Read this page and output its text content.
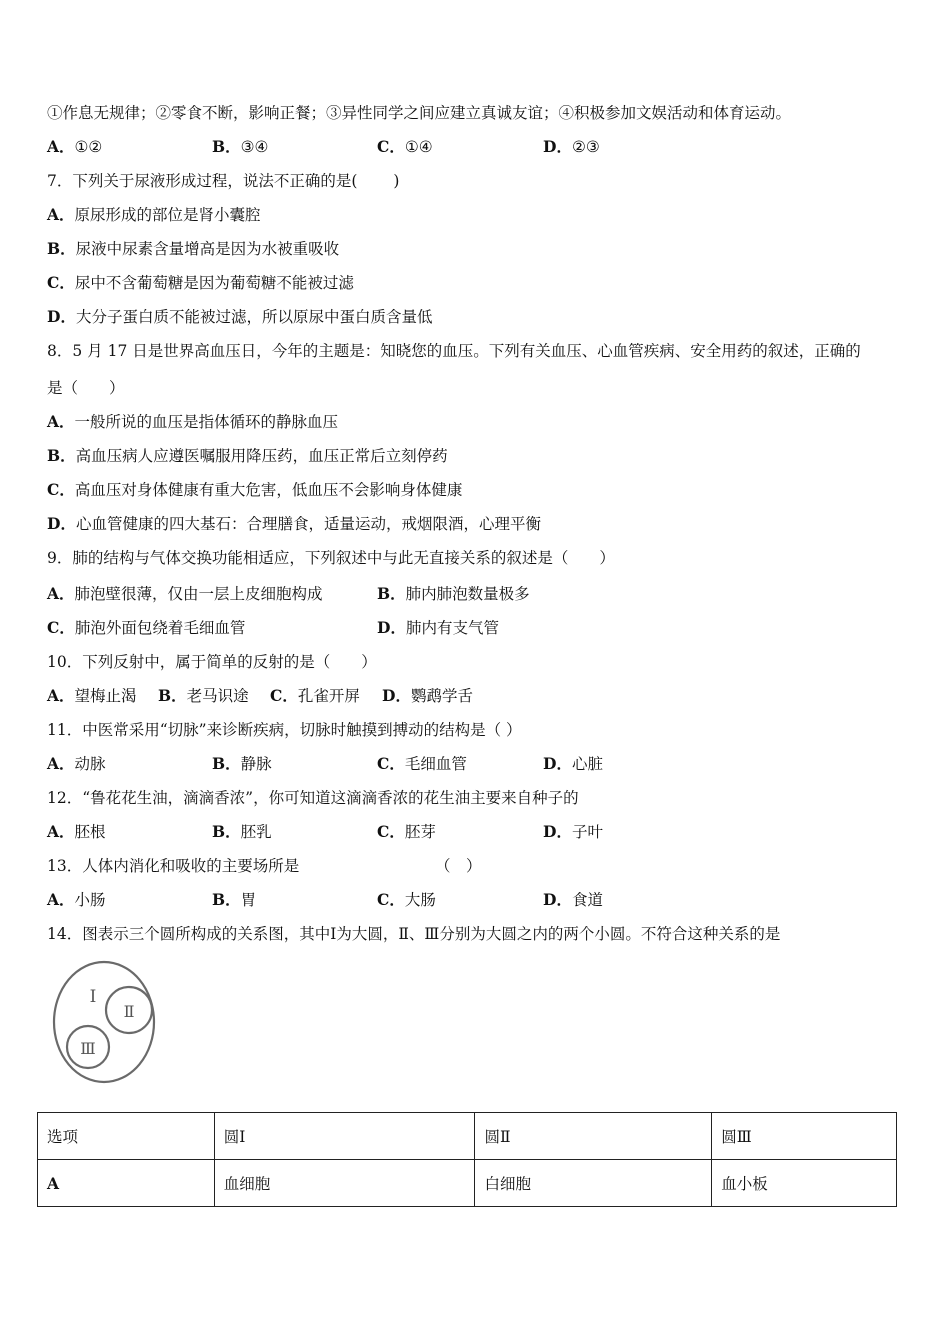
①作息无规律；②零食不断，影响正餐；③异性同学之间应建立真诚友谊；④积极参加文娱活动和体育运动。
A．①②	B．③④	C．①④	D．②③
7．下列关于尿液形成过程，说法不正确的是(　　 )
A．原尿形成的部位是肾小囊腔
B．尿液中尿素含量增高是因为水被重吸收
C．尿中不含葡萄糖是因为葡萄糖不能被过滤
D．大分子蛋白质不能被过滤，所以原尿中蛋白质含量低
8．5 月 17 日是世界高血压日，今年的主题是：知晓您的血压。下列有关血压、心血管疾病、安全用药的叙述，正确的
是（　　）
A．一般所说的血压是指体循环的静脉血压
B．高血压病人应遵医嘱服用降压药，血压正常后立刻停药
C．高血压对身体健康有重大危害，低血压不会影响身体健康
D．心血管健康的四大基石：合理膳食，适量运动，戒烟限酒，心理平衡
9．肺的结构与气体交换功能相适应，下列叙述中与此无直接关系的叙述是（　　）
A．肺泡壁很薄，仅由一层上皮细胞构成	B．肺内肺泡数量极多
C．肺泡外面包绕着毛细血管	D．肺内有支气管
10．下列反射中，属于简单的反射的是（　　）
A．望梅止渴 B．老马识途 C．孔雀开屏 D．鹦鹉学舌
11．中医常采用“切脉”来诊断疾病，切脉时触摸到搏动的结构是（ ）
A．动脉	B．静脉	C．毛细血管	D．心脏
12．“鲁花花生油，滴滴香浓”，你可知道这滴滴香浓的花生油主要来自种子的
A．胚根	B．胚乳	C．胚芽	D．子叶
13．人体内消化和吸收的主要场所是	（　）
A．小肠	B．胃	C．大肠	D．食道
14．图表示三个圆所构成的关系图，其中Ⅰ为大圆，Ⅱ、Ⅲ分别为大圆之内的两个小圆。不符合这种关系的是
Ⅰ
Ⅱ
Ⅲ
选项	圆Ⅰ	圆Ⅱ	圆Ⅲ
A	血细胞	白细胞	血小板
